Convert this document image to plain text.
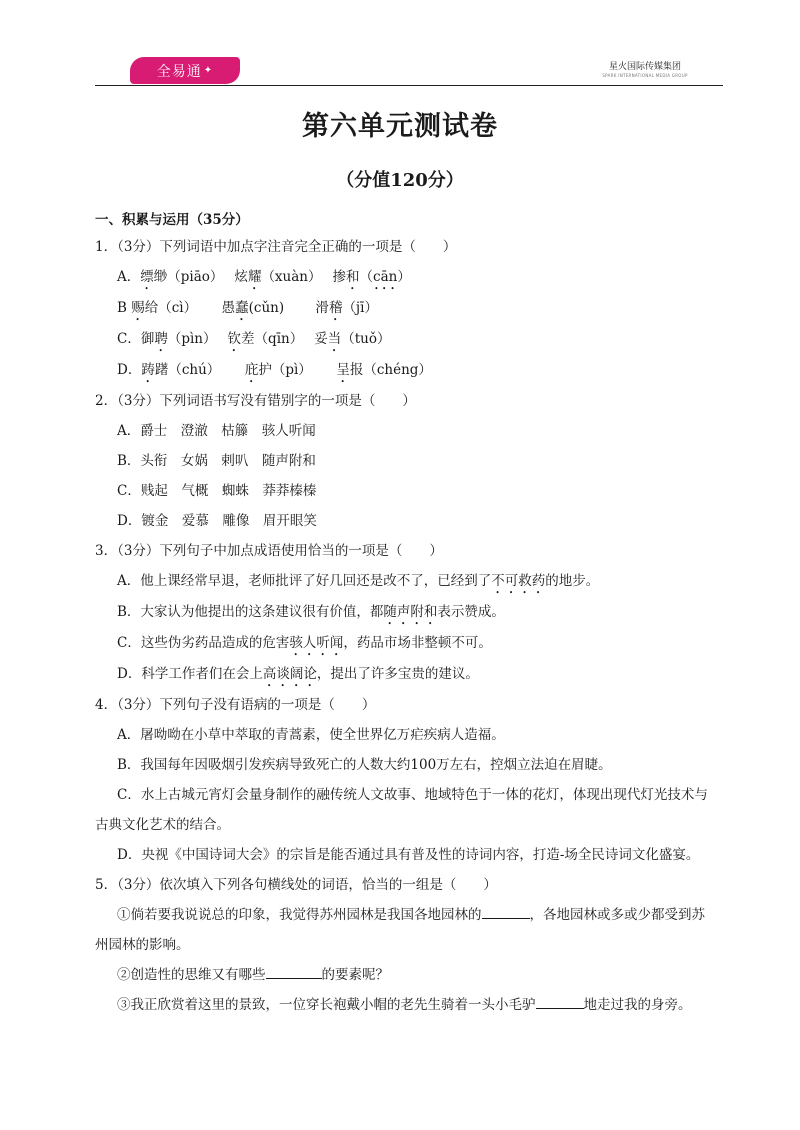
全易通 ✦	星火国际传媒集团
SPARK INTERNATIONAL MEDIA GROUP
第六单元测试卷
（分值120分）
一、积累与运用（35分）
1．（3分）下列词语中加点字注音完全正确的一项是（　　）
A．缥缈（piāo）　 炫耀（xuàn）　 掺和（cān）
B 赐给（cì）　　 愚蠢(cǔn)　　 滑稽（jī）
C．御聘（pìn）　 钦差（qīn）　 妥当（tuǒ）
D．踌躇（chú）　　 庇护（pì）　　 呈报（chéng）
2．（3分）下列词语书写没有错别字的一项是（　　）
A．爵士　澄澈　枯籐　骇人听闻
B．头衔　女娲　剌叭　随声附和
C．贱起　气概　蜘蛛　莽莽榛榛
D．镀金　爱慕　雕像　眉开眼笑
3．（3分）下列句子中加点成语使用恰当的一项是（　　）
A．他上课经常早退，老师批评了好几回还是改不了，已经到了不可救药的地步。
B．大家认为他提出的这条建议很有价值，都随声附和表示赞成。
C．这些伪劣药品造成的危害骇人听闻，药品市场非整顿不可。
D．科学工作者们在会上高谈阔论，提出了许多宝贵的建议。
4．（3分）下列句子没有语病的一项是（　　）
A．屠呦呦在小草中萃取的青蒿素，使全世界亿万疟疾病人造福。
B．我国每年因吸烟引发疾病导致死亡的人数大约100万左右，控烟立法迫在眉睫。
C．水上古城元宵灯会量身制作的融传统人文故事、地域特色于一体的花灯，体现出现代灯光技术与
古典文化艺术的结合。
D．央视《中国诗词大会》的宗旨是能否通过具有普及性的诗词内容，打造-场全民诗词文化盛宴。
5．（3分）依次填入下列各句横线处的词语，恰当的一组是（　　）
①倘若要我说说总的印象，我觉得苏州园林是我国各地园林的	，各地园林或多或少都受到苏
州园林的影响。
②创造性的思维又有哪些	的要素呢？
③我正欣赏着这里的景致，一位穿长袍戴小帽的老先生骑着一头小毛驴	地走过我的身旁。
